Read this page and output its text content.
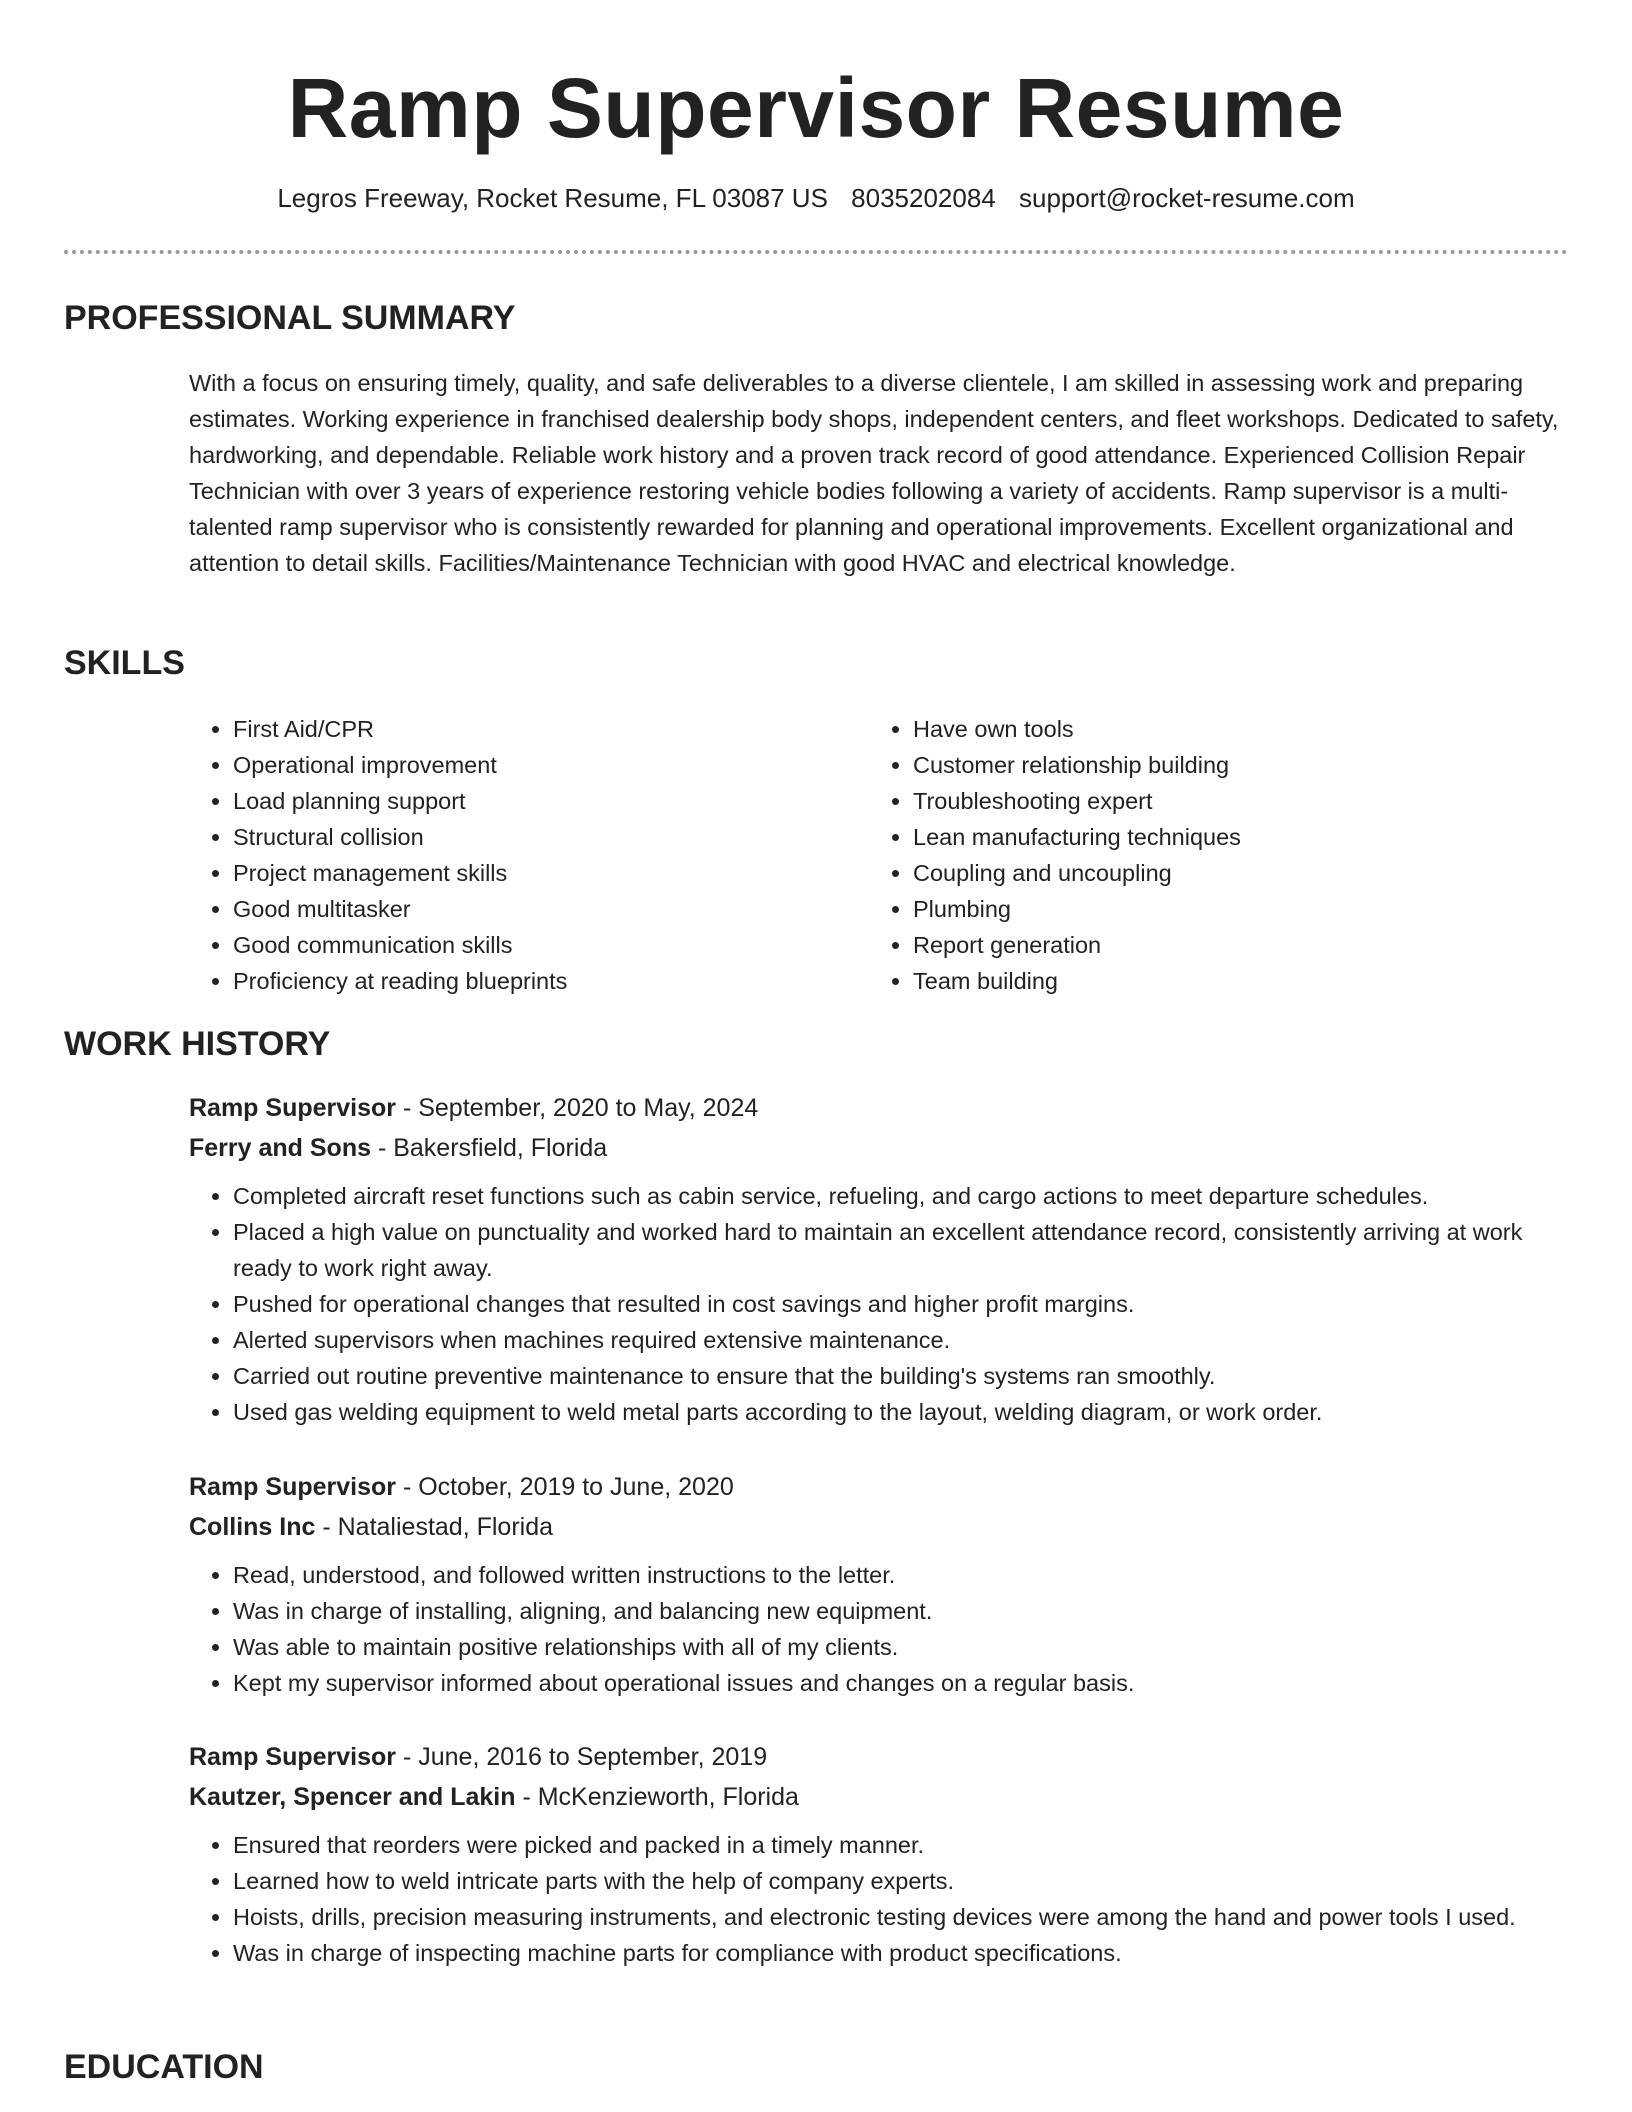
Ramp Supervisor Resume
Legros Freeway, Rocket Resume, FL 03087 US 8035202084 support@rocket-resume.com
PROFESSIONAL SUMMARY

With a focus on ensuring timely, quality, and safe deliverables to a diverse clientele, I am skilled in assessing work and preparing estimates. Working experience in franchised dealership body shops, independent centers, and fleet workshops. Dedicated to safety, hardworking, and dependable. Reliable work history and a proven track record of good attendance. Experienced Collision Repair Technician with over 3 years of experience restoring vehicle bodies following a variety of accidents. Ramp supervisor is a multi-talented ramp supervisor who is consistently rewarded for planning and operational improvements. Excellent organizational and attention to detail skills. Facilities/Maintenance Technician with good HVAC and electrical knowledge.

SKILLS
• First Aid/CPR
• Operational improvement
• Load planning support
• Structural collision
• Project management skills
• Good multitasker
• Good communication skills
• Proficiency at reading blueprints
• Have own tools
• Customer relationship building
• Troubleshooting expert
• Lean manufacturing techniques
• Coupling and uncoupling
• Plumbing
• Report generation
• Team building
WORK HISTORY
Ramp Supervisor - September, 2020 to May, 2024
Ferry and Sons - Bakersfield, Florida
• Completed aircraft reset functions such as cabin service, refueling, and cargo actions to meet departure schedules.
• Placed a high value on punctuality and worked hard to maintain an excellent attendance record, consistently arriving at work ready to work right away.
• Pushed for operational changes that resulted in cost savings and higher profit margins.
• Alerted supervisors when machines required extensive maintenance.
• Carried out routine preventive maintenance to ensure that the building's systems ran smoothly.
• Used gas welding equipment to weld metal parts according to the layout, welding diagram, or work order.
Ramp Supervisor - October, 2019 to June, 2020
Collins Inc - Nataliestad, Florida
• Read, understood, and followed written instructions to the letter.
• Was in charge of installing, aligning, and balancing new equipment.
• Was able to maintain positive relationships with all of my clients.
• Kept my supervisor informed about operational issues and changes on a regular basis.
Ramp Supervisor - June, 2016 to September, 2019
Kautzer, Spencer and Lakin - McKenzieworth, Florida
• Ensured that reorders were picked and packed in a timely manner.
• Learned how to weld intricate parts with the help of company experts.
• Hoists, drills, precision measuring instruments, and electronic testing devices were among the hand and power tools I used.
• Was in charge of inspecting machine parts for compliance with product specifications.
EDUCATION
